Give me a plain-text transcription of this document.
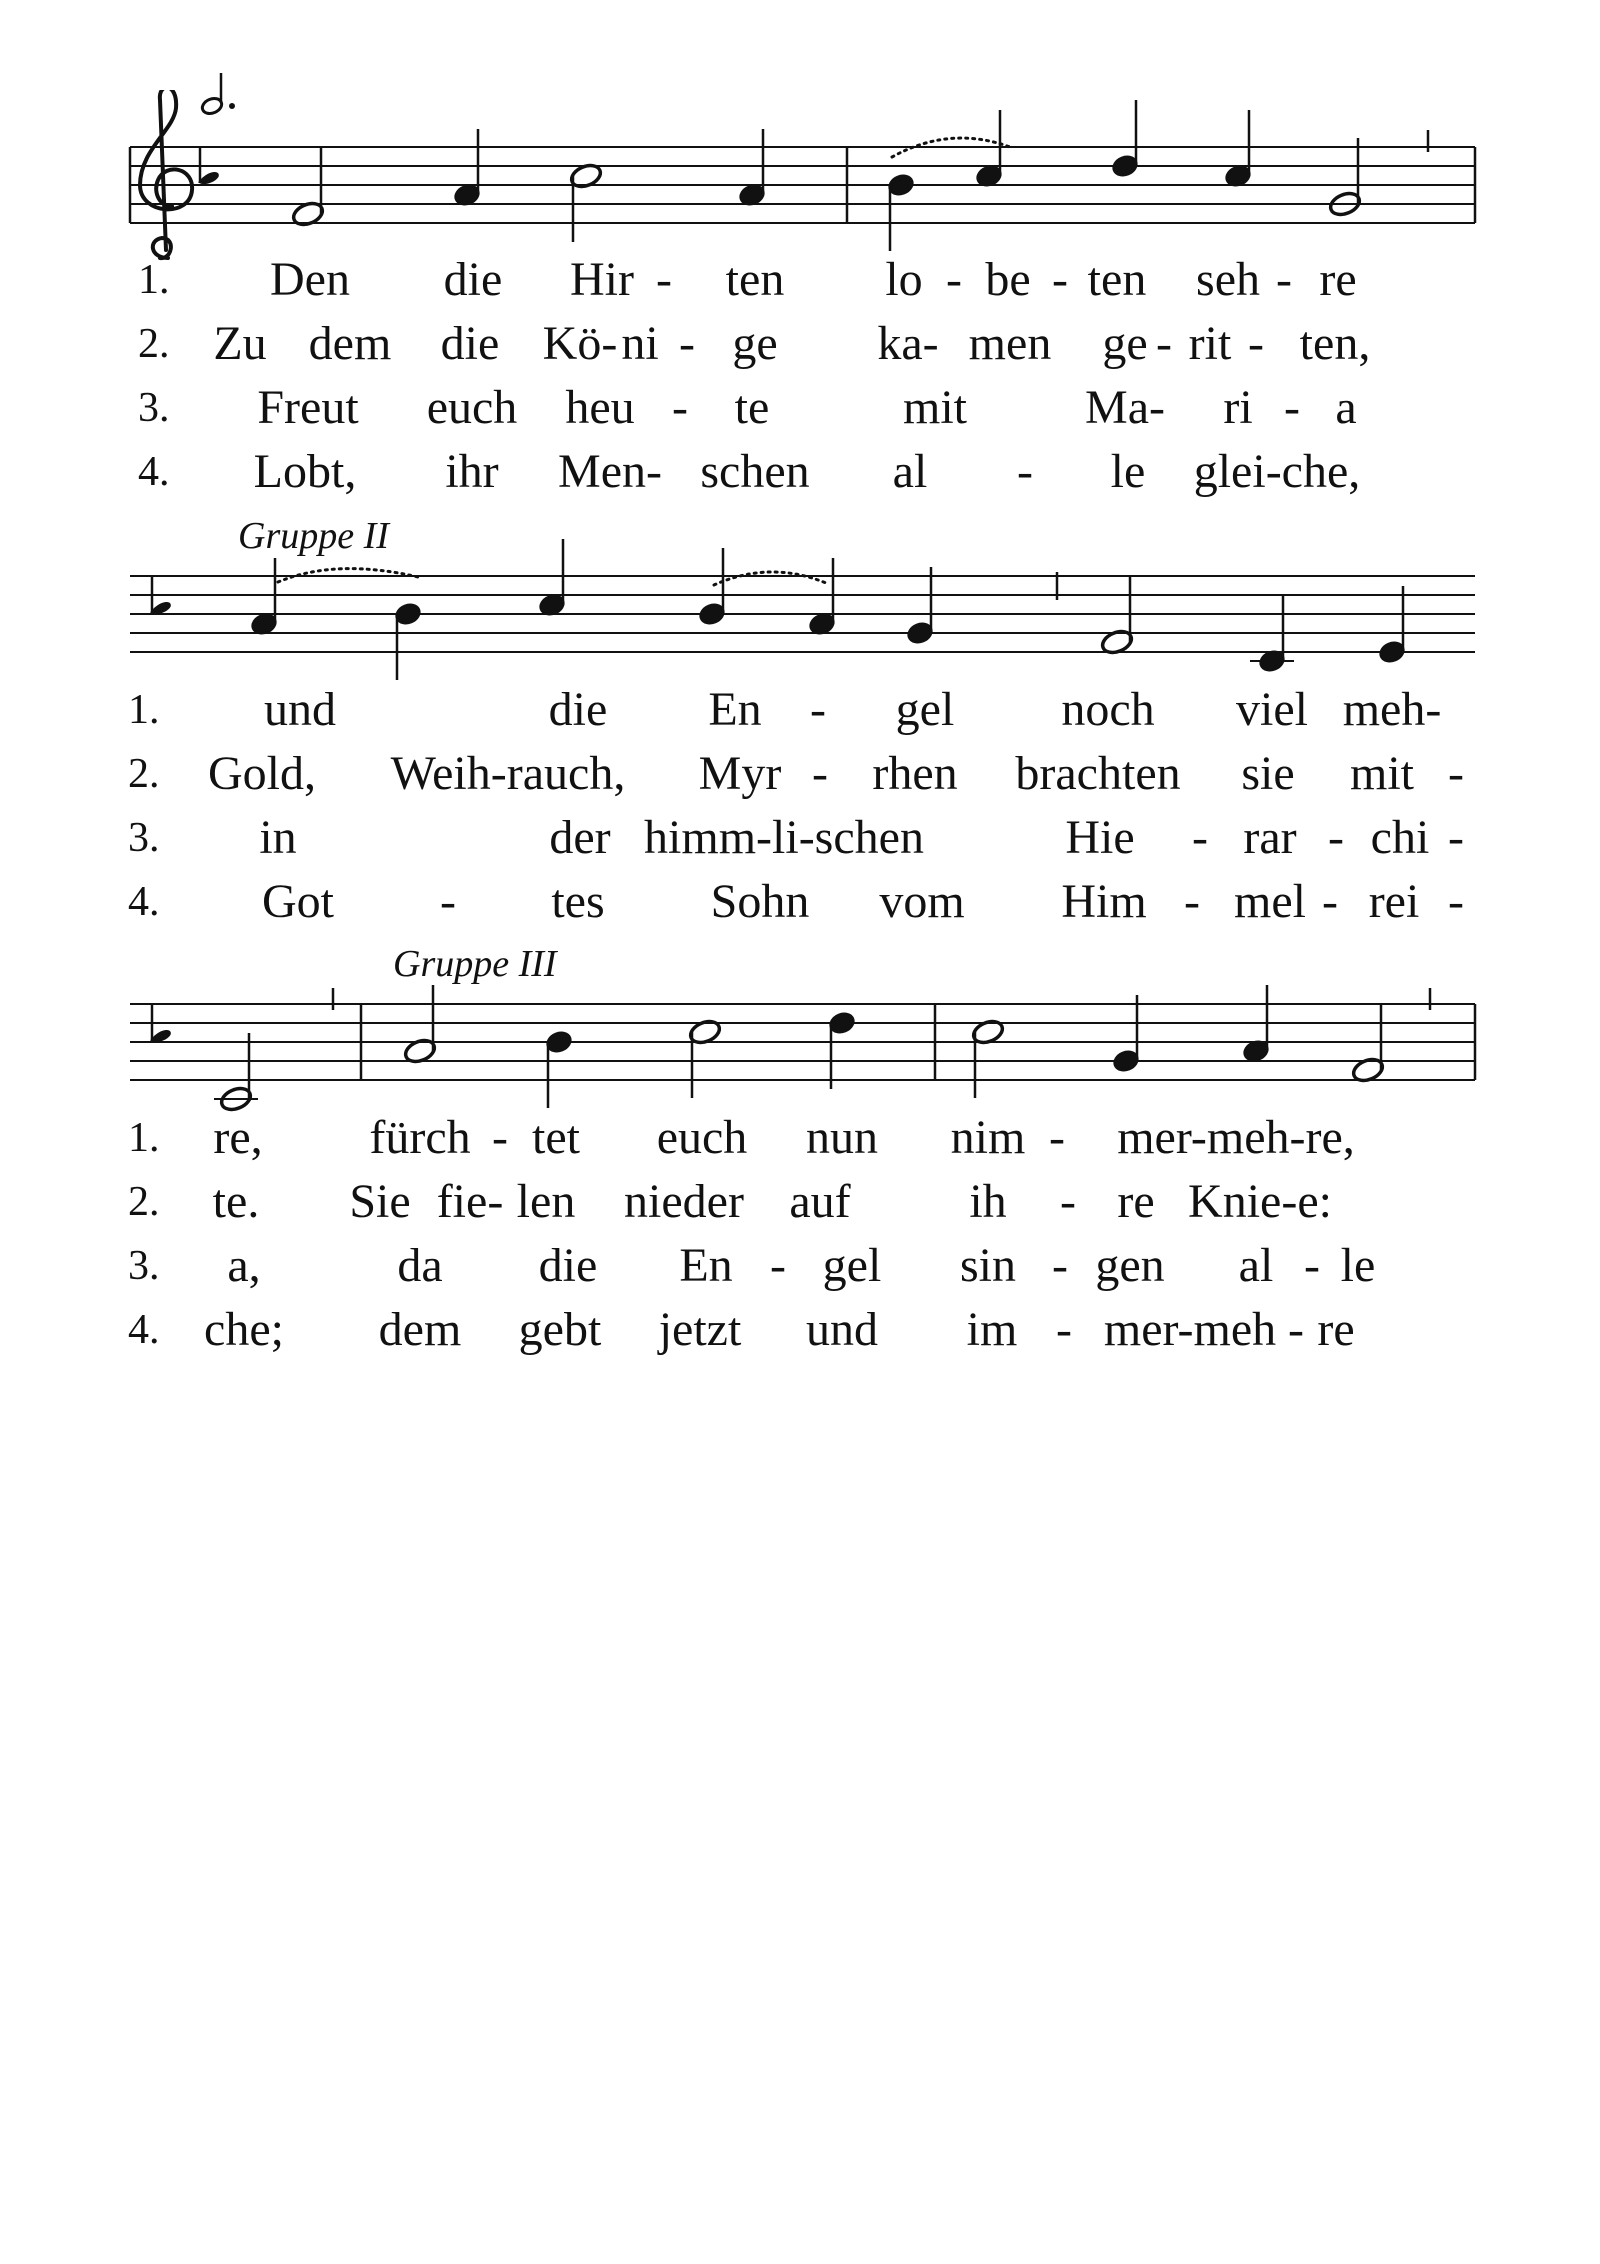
1. Den die Hir - ten lo - be - ten seh - re
2. Zu dem die Kö- ni - ge ka- men ge - rit - ten,
3. Freut euch heu - te	mit Ma- ri - a
4. Lobt, ihr Men- schen al - le glei-che,
Gruppe II
1. und	die En - gel noch viel meh-
2. Gold, Weih-rauch, Myr - rhen brachten sie mit -
3. in	der himm-li-schen	Hie - rar - chi -
4. Got - tes Sohn vom Him - mel - rei -
Gruppe III
1. re, fürch - tet euch nun nim - mer-meh-re,
2. te. Sie fie- len nieder auf ih - re Knie-e:
3. a,	da die En - gel sin - gen al - le
4. che; dem gebt jetzt und im - mer-meh - re
